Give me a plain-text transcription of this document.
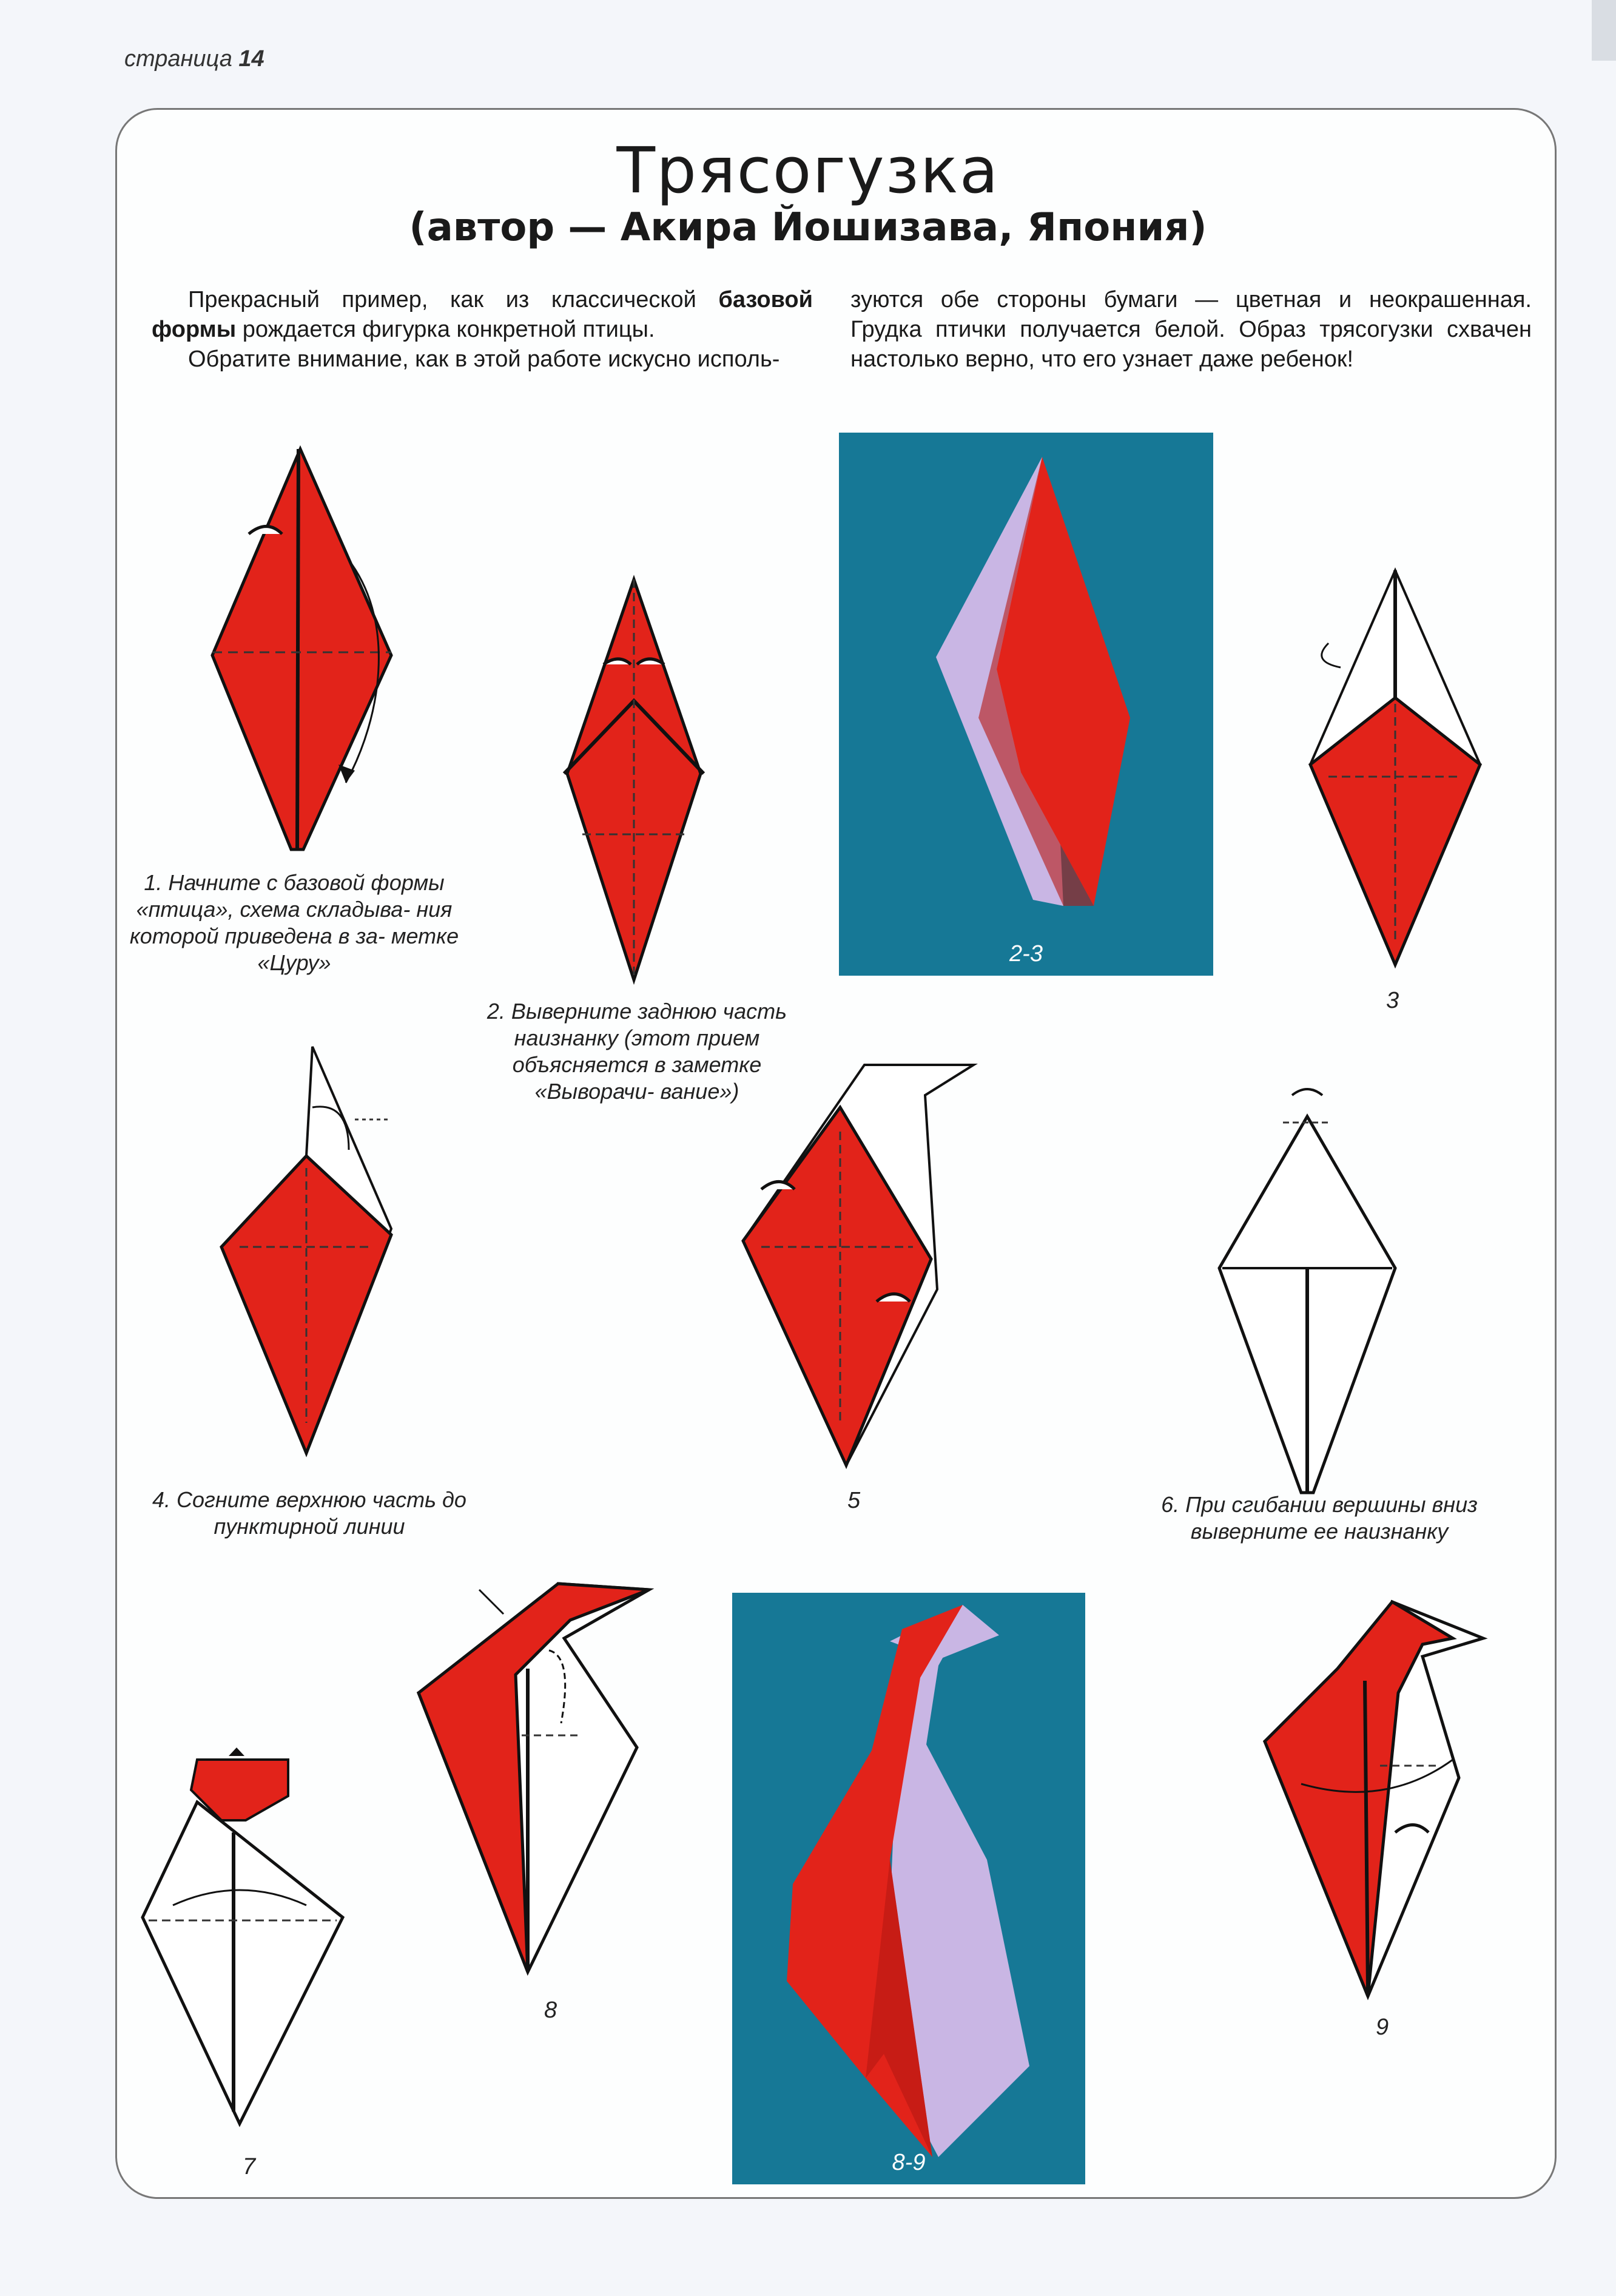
страница 14
Трясогузка
(автор — Акира Йошизава, Япония)

Прекрасный пример, как из классической базовой формы рождается фигурка конкретной птицы.

Обратите внимание, как в этой работе искусно исполь-

зуются обе стороны бумаги — цветная и неокрашенная. Грудка птички получается белой. Образ трясогузки схвачен настолько верно, что его узнает даже ребенок!

1. Начните с базовой формы «птица», схема складыва- ния которой приведена в за- метке «Цуру»
2. Выверните заднюю часть наизнанку (этот прием объясняется в заметке «Выворачи- вание»)
2-3
3
4. Согните верхнюю часть до пунктирной линии
5	6. При сгибании вершины вниз выверните ее наизнанку
7
8
8-9
9
